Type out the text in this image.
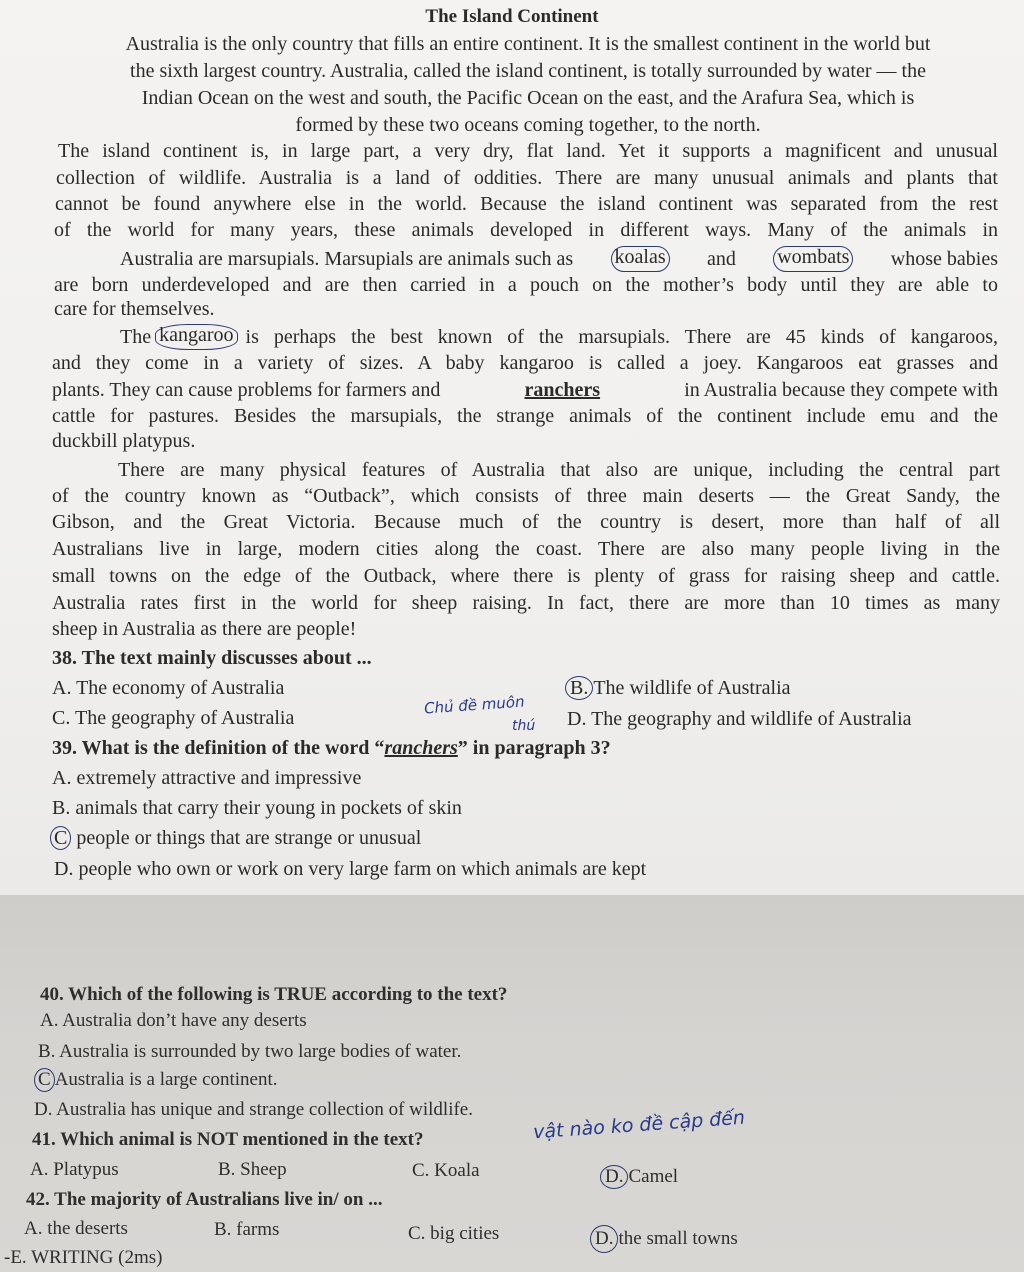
The Island Continent
Australia is the only country that fills an entire continent. It is the smallest continent in the world but
the sixth largest country. Australia, called the island continent, is totally surrounded by water — the
Indian Ocean on the west and south, the Pacific Ocean on the east, and the Arafura Sea, which is
formed by these two oceans coming together, to the north.
The island continent is, in large part, a very dry, flat land. Yet it supports a magnificent and unusual
collection of wildlife. Australia is a land of oddities. There are many unusual animals and plants that
cannot be found anywhere else in the world. Because the island continent was separated from the rest
of the world for many years, these animals developed in different ways. Many of the animals in
Australia are marsupials. Marsupials are animals such as koalas and wombats whose babies
are born underdeveloped and are then carried in a pouch on the mother’s body until they are able to
care for themselves.
The kangaroo is perhaps the best known of the marsupials. There are 45 kinds of kangaroos,
and they come in a variety of sizes. A baby kangaroo is called a joey. Kangaroos eat grasses and
plants. They can cause problems for farmers and	ranchers	in Australia because they compete with
cattle for pastures. Besides the marsupials, the strange animals of the continent include emu and the
duckbill platypus.
There are many physical features of Australia that also are unique, including the central part
of the country known as “Outback”, which consists of three main deserts — the Great Sandy, the
Gibson, and the Great Victoria. Because much of the country is desert, more than half of all
Australians live in large, modern cities along the coast. There are also many people living in the
small towns on the edge of the Outback, where there is plenty of grass for raising sheep and cattle.
Australia rates first in the world for sheep raising. In fact, there are more than 10 times as many
sheep in Australia as there are people!
38. The text mainly discusses about ...
A. The economy of Australia	B. The wildlife of Australia
C. The geography of Australia	D. The geography and wildlife of Australia
Chủ đề muôn
thú
39. What is the definition of the word “ranchers” in paragraph 3?
A. extremely attractive and impressive
B. animals that carry their young in pockets of skin
C people or things that are strange or unusual
D. people who own or work on very large farm on which animals are kept
40. Which of the following is TRUE according to the text?
A. Australia don’t have any deserts
B. Australia is surrounded by two large bodies of water.
C Australia is a large continent.
D. Australia has unique and strange collection of wildlife.
41. Which animal is NOT mentioned in the text?	vật nào ko đề cập đến
A. Platypus	B. Sheep	C. Koala	D. Camel
42. The majority of Australians live in/ on ...
A. the deserts	B. farms	C. big cities	D. the small towns
-E. WRITING (2ms)
